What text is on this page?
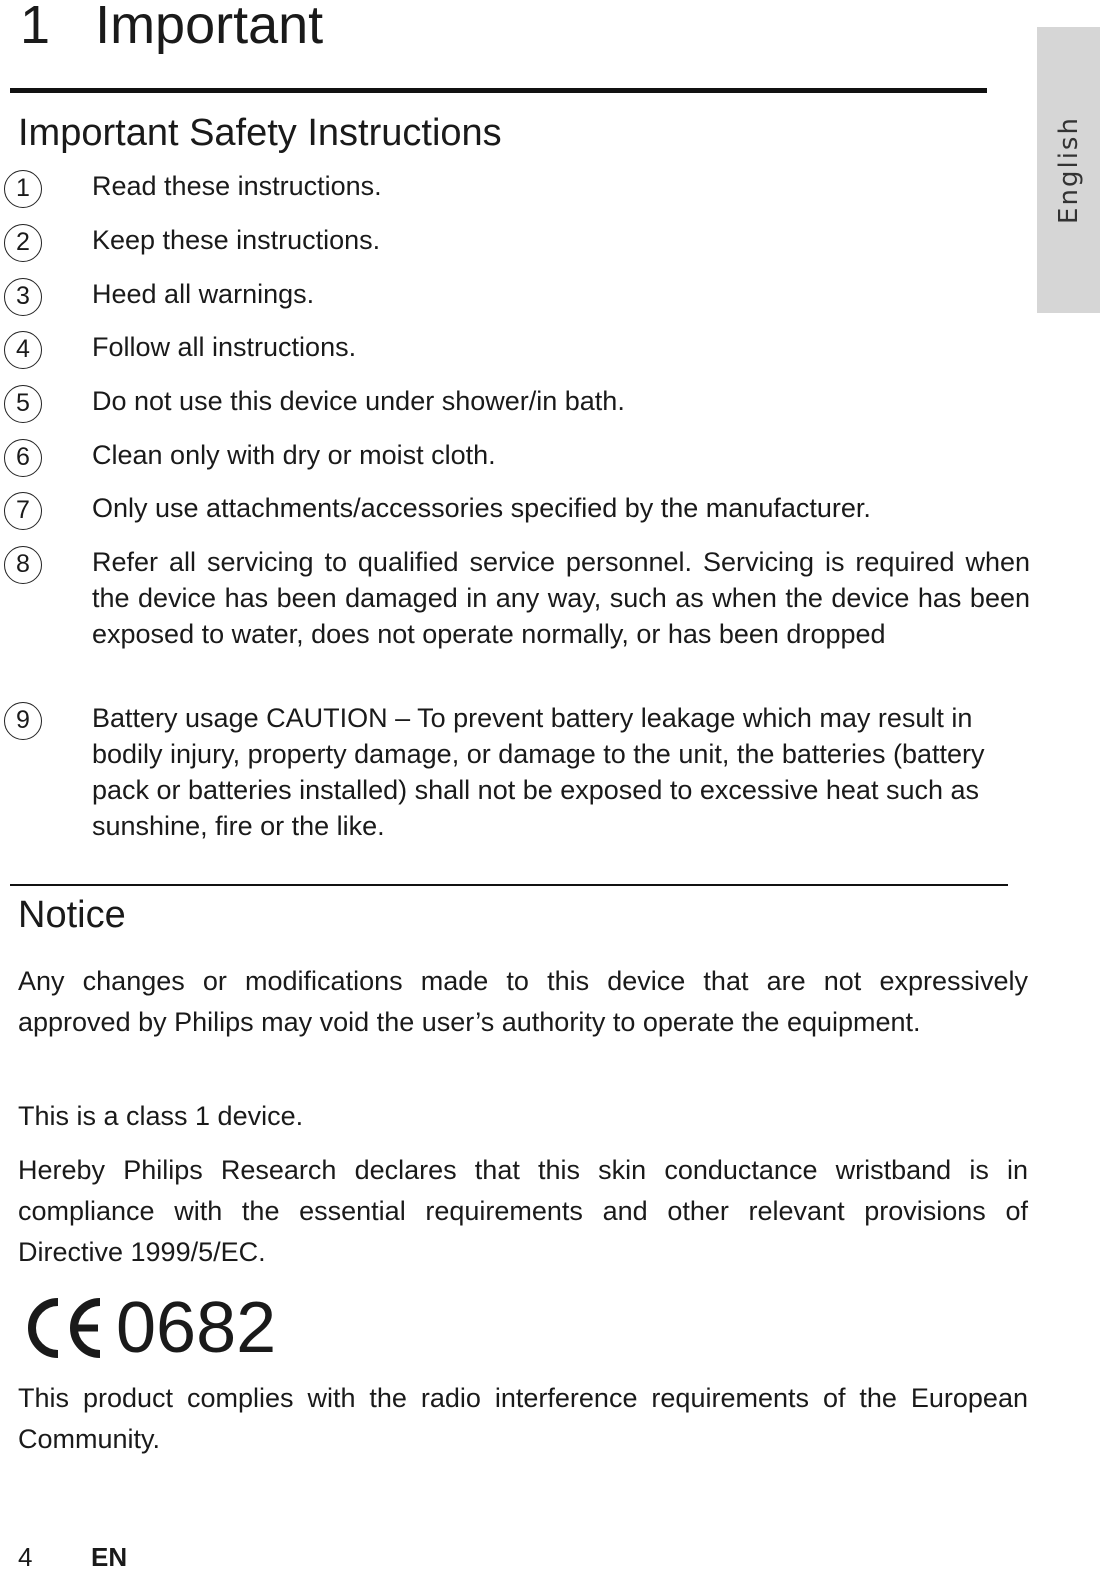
1 Important
English
Important Safety Instructions
1	Read these instructions.
2	Keep these instructions.
3	Heed all warnings.
4	Follow all instructions.
5	Do not use this device under shower/in bath.
6	Clean only with dry or moist cloth.
7	Only use attachments/accessories specified by the manufacturer.
8	Refer all servicing to qualified service personnel. Servicing is required when the device has been damaged in any way, such as when the device has been exposed to water, does not operate normally, or has been dropped
9	Battery usage CAUTION – To prevent battery leakage which may result in bodily injury, property damage, or damage to the unit, the batteries (battery pack or batteries installed) shall not be exposed to excessive heat such as sunshine, fire or the like.
Notice

Any changes or modifications made to this device that are not expressively approved by Philips may void the user’s authority to operate the equipment.

This is a class 1 device.

Hereby Philips Research declares that this skin conductance wristband is in compliance with the essential requirements and other relevant provisions of Directive 1999/5/EC.

0682

This product complies with the radio interference requirements of the European Community.

4 EN
